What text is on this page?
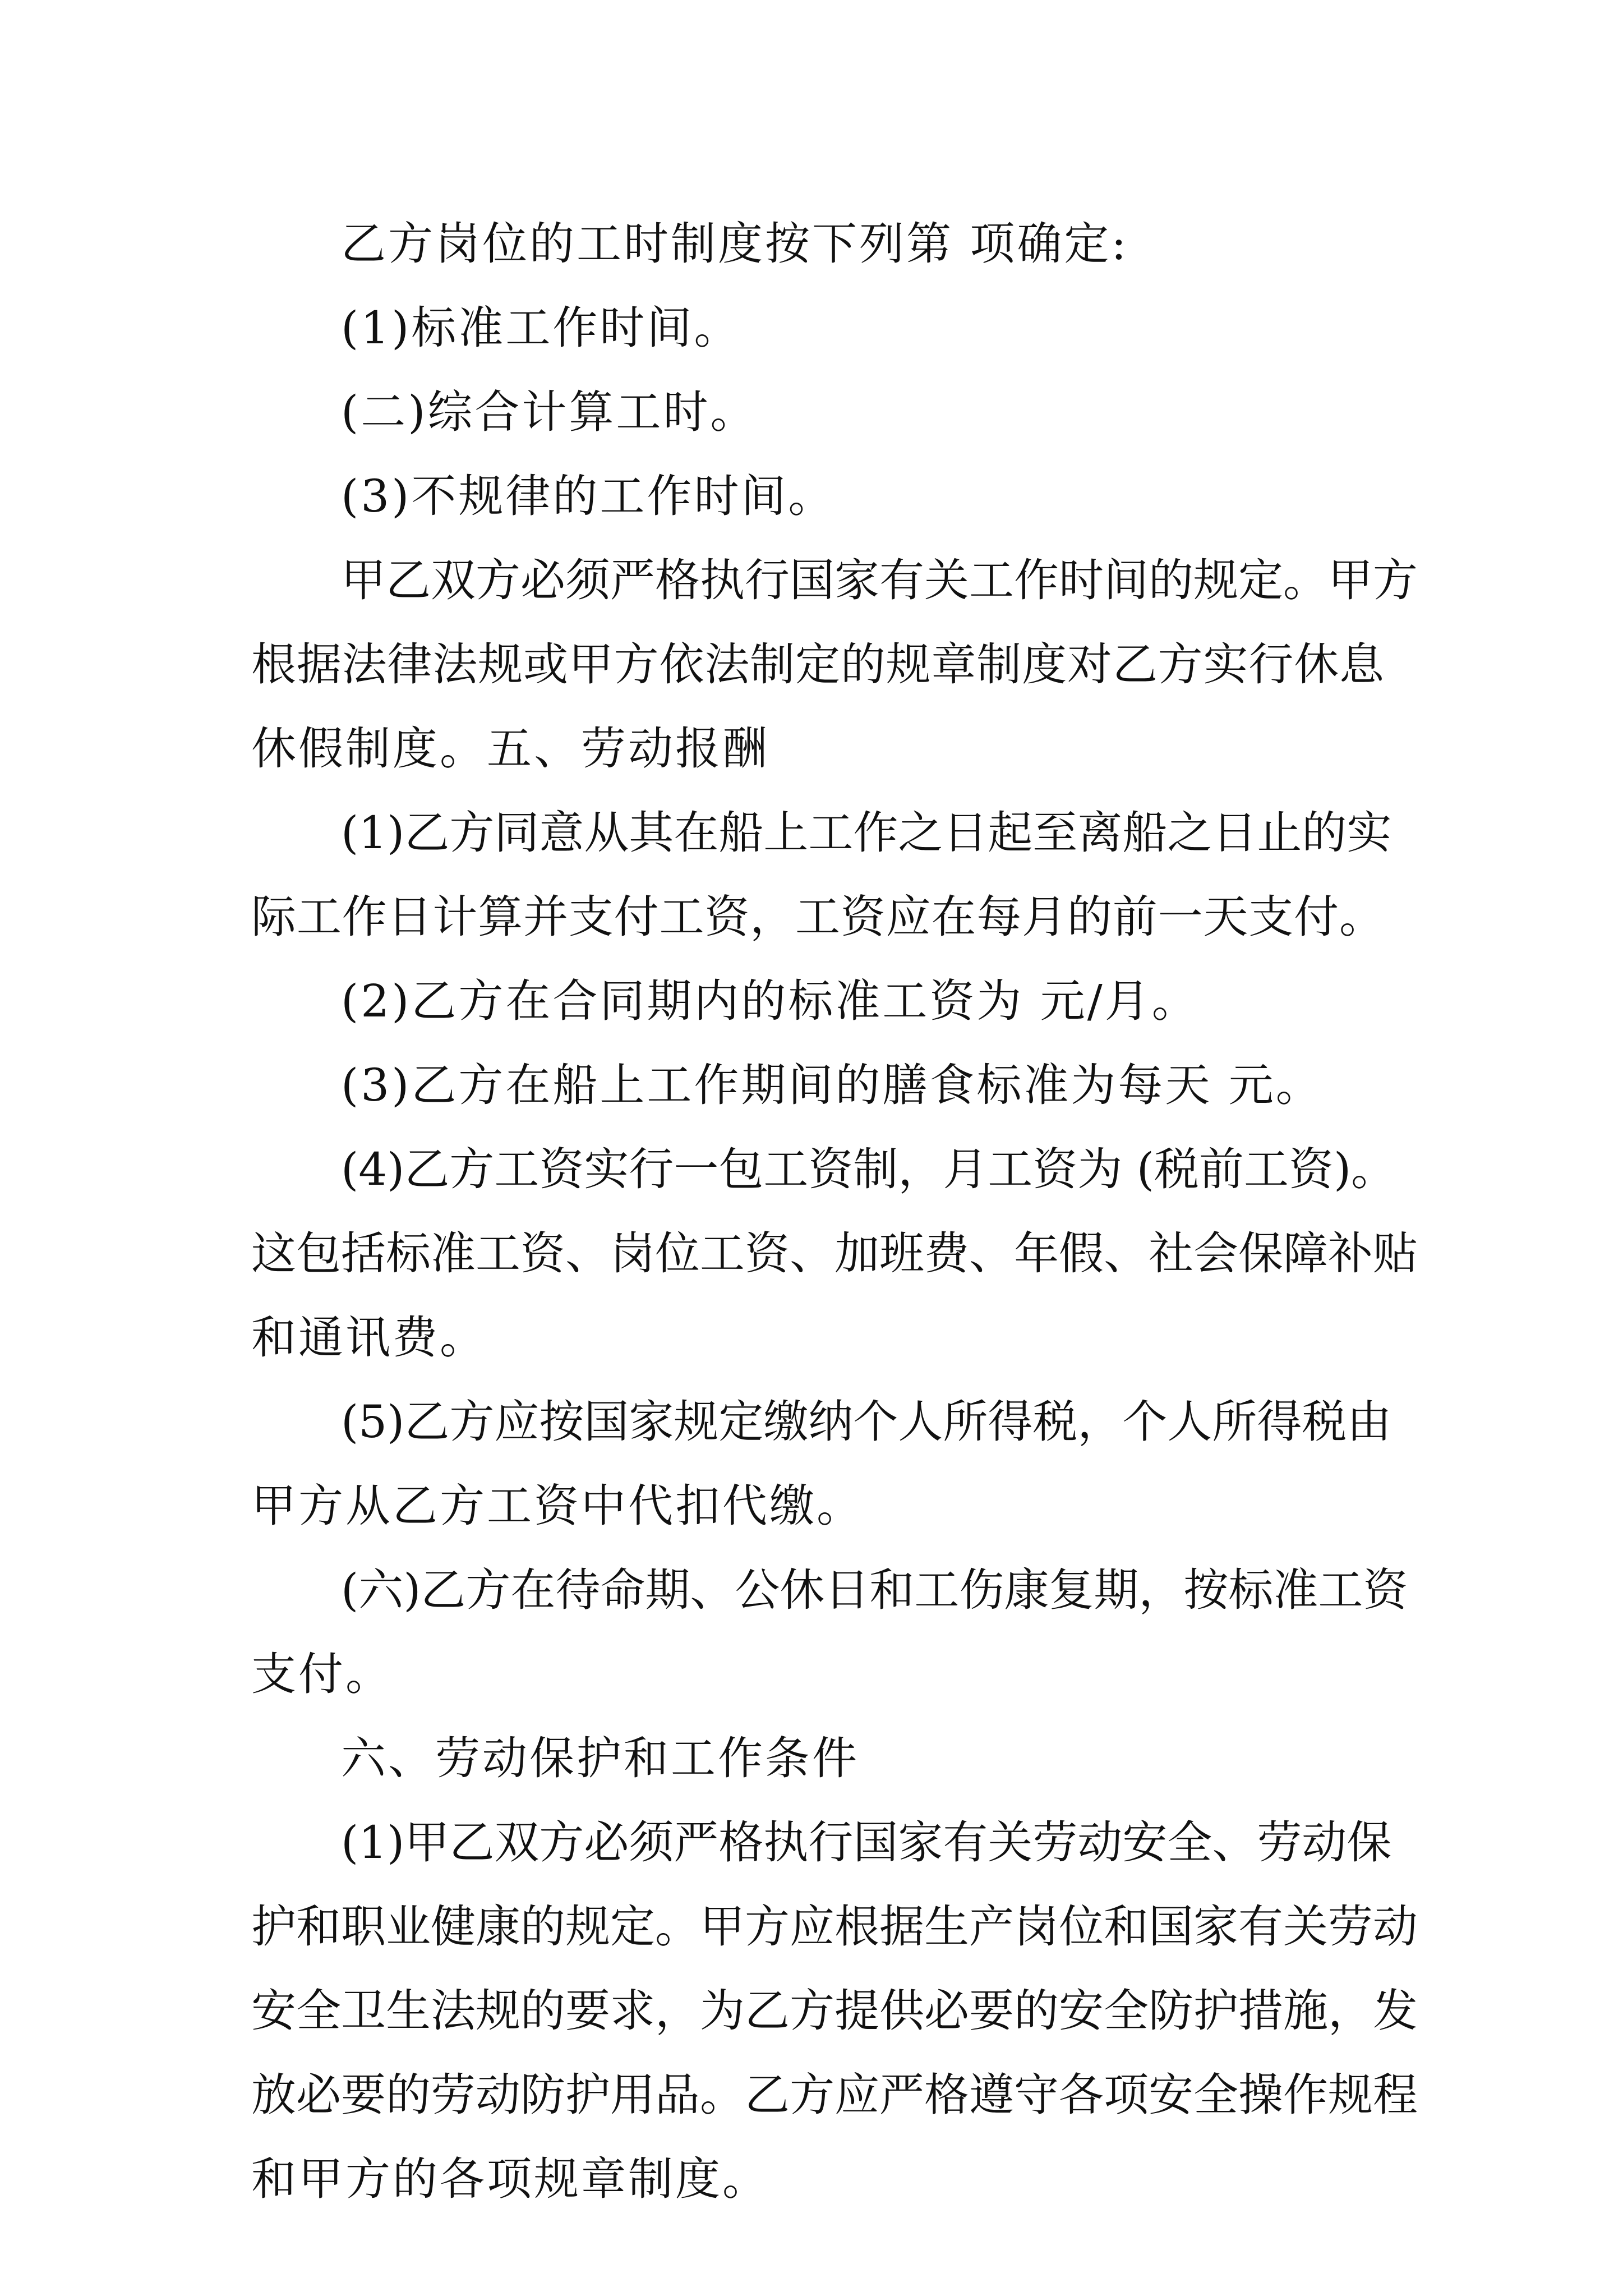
乙方岗位的工时制度按下列第 项确定:
(1)标准工作时间。
(二)综合计算工时。
(3)不规律的工作时间。
甲乙双方必须严格执行国家有关工作时间的规定。甲方
根据法律法规或甲方依法制定的规章制度对乙方实行休息
休假制度。五、劳动报酬
(1)乙方同意从其在船上工作之日起至离船之日止的实
际工作日计算并支付工资，工资应在每月的前一天支付。
(2)乙方在合同期内的标准工资为 元/月。
(3)乙方在船上工作期间的膳食标准为每天 元。
(4)乙方工资实行一包工资制，月工资为 (税前工资)。
这包括标准工资、岗位工资、加班费、年假、社会保障补贴
和通讯费。
(5)乙方应按国家规定缴纳个人所得税，个人所得税由
甲方从乙方工资中代扣代缴。
(六)乙方在待命期、公休日和工伤康复期，按标准工资
支付。
六、劳动保护和工作条件
(1)甲乙双方必须严格执行国家有关劳动安全、劳动保
护和职业健康的规定。甲方应根据生产岗位和国家有关劳动
安全卫生法规的要求，为乙方提供必要的安全防护措施，发
放必要的劳动防护用品。乙方应严格遵守各项安全操作规程
和甲方的各项规章制度。
